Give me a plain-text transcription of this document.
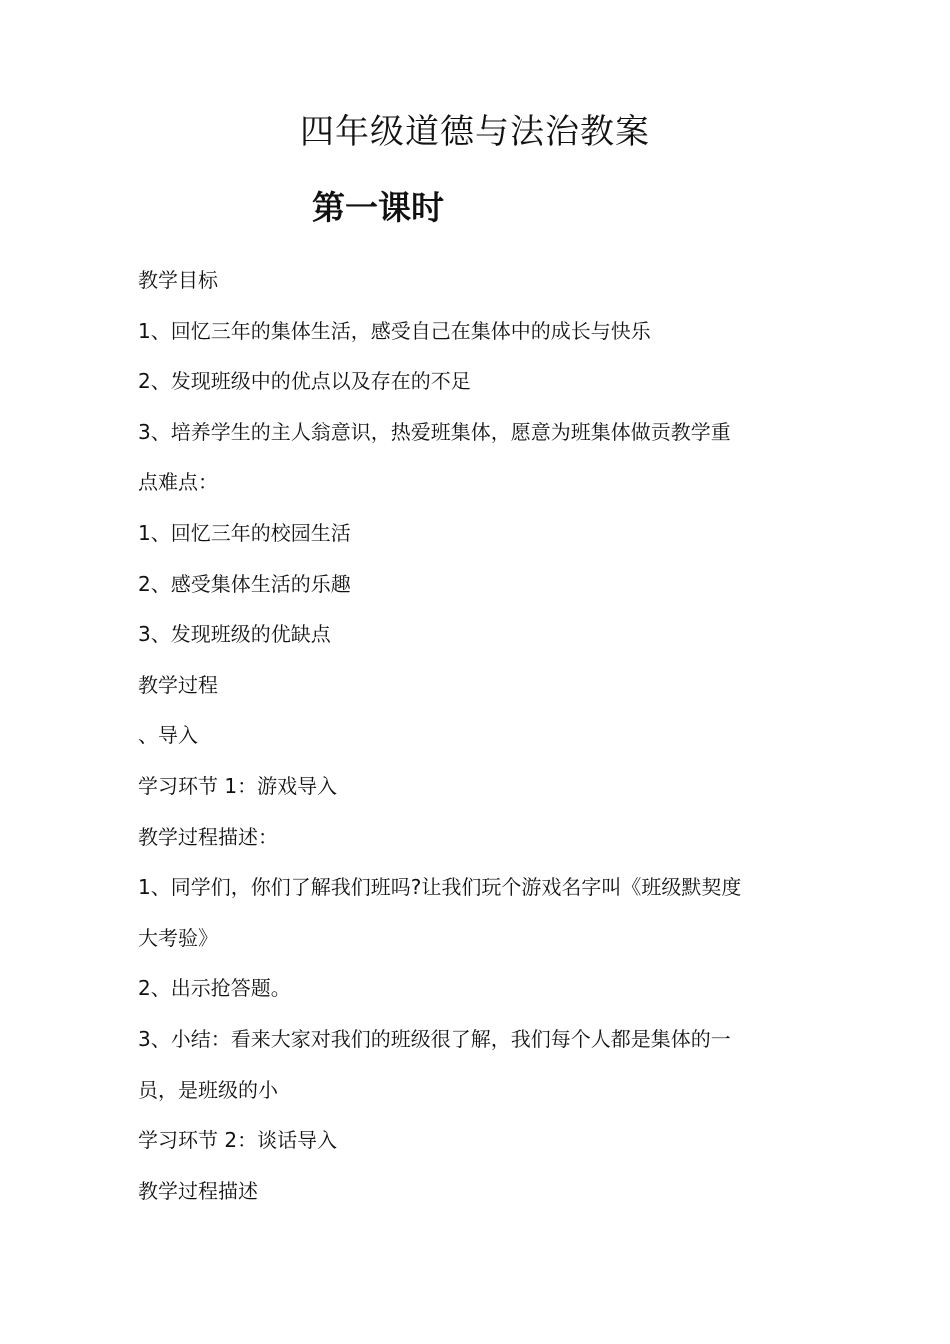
四年级道德与法治教案
第一课时

教学目标

1、回忆三年的集体生活，感受自己在集体中的成长与快乐

2、发现班级中的优点以及存在的不足

3、培养学生的主人翁意识，热爱班集体，愿意为班集体做贡教学重

点难点：

1、回忆三年的校园生活

2、感受集体生活的乐趣

3、发现班级的优缺点

教学过程

、导入

学习环节 1：游戏导入

教学过程描述：

1、同学们，你们了解我们班吗?让我们玩个游戏名字叫《班级默契度

大考验》

2、出示抢答题。

3、小结：看来大家对我们的班级很了解，我们每个人都是集体的一

员，是班级的小

学习环节 2：谈话导入

教学过程描述
